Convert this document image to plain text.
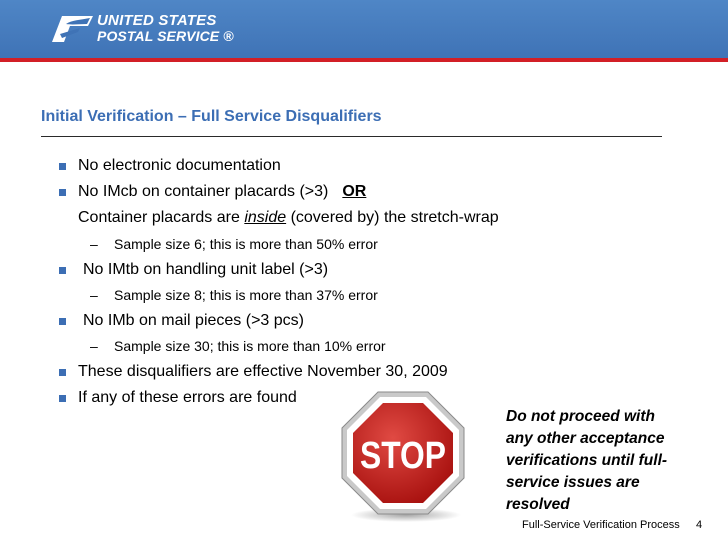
UNITED STATES
POSTAL SERVICE ®
Initial Verification – Full Service Disqualifiers
No electronic documentation
No IMcb on container placards (>3) OR
Container placards are inside (covered by) the stretch-wrap
– Sample size 6; this is more than 50% error
No IMtb on handling unit label (>3)
– Sample size 8; this is more than 37% error
No IMb on mail pieces (>3 pcs)
– Sample size 30; this is more than 10% error
These disqualifiers are effective November 30, 2009
If any of these errors are found
STOP
Do not proceed with
any other acceptance
verifications until full-
service issues are
resolved
Full-Service Verification Process 4
